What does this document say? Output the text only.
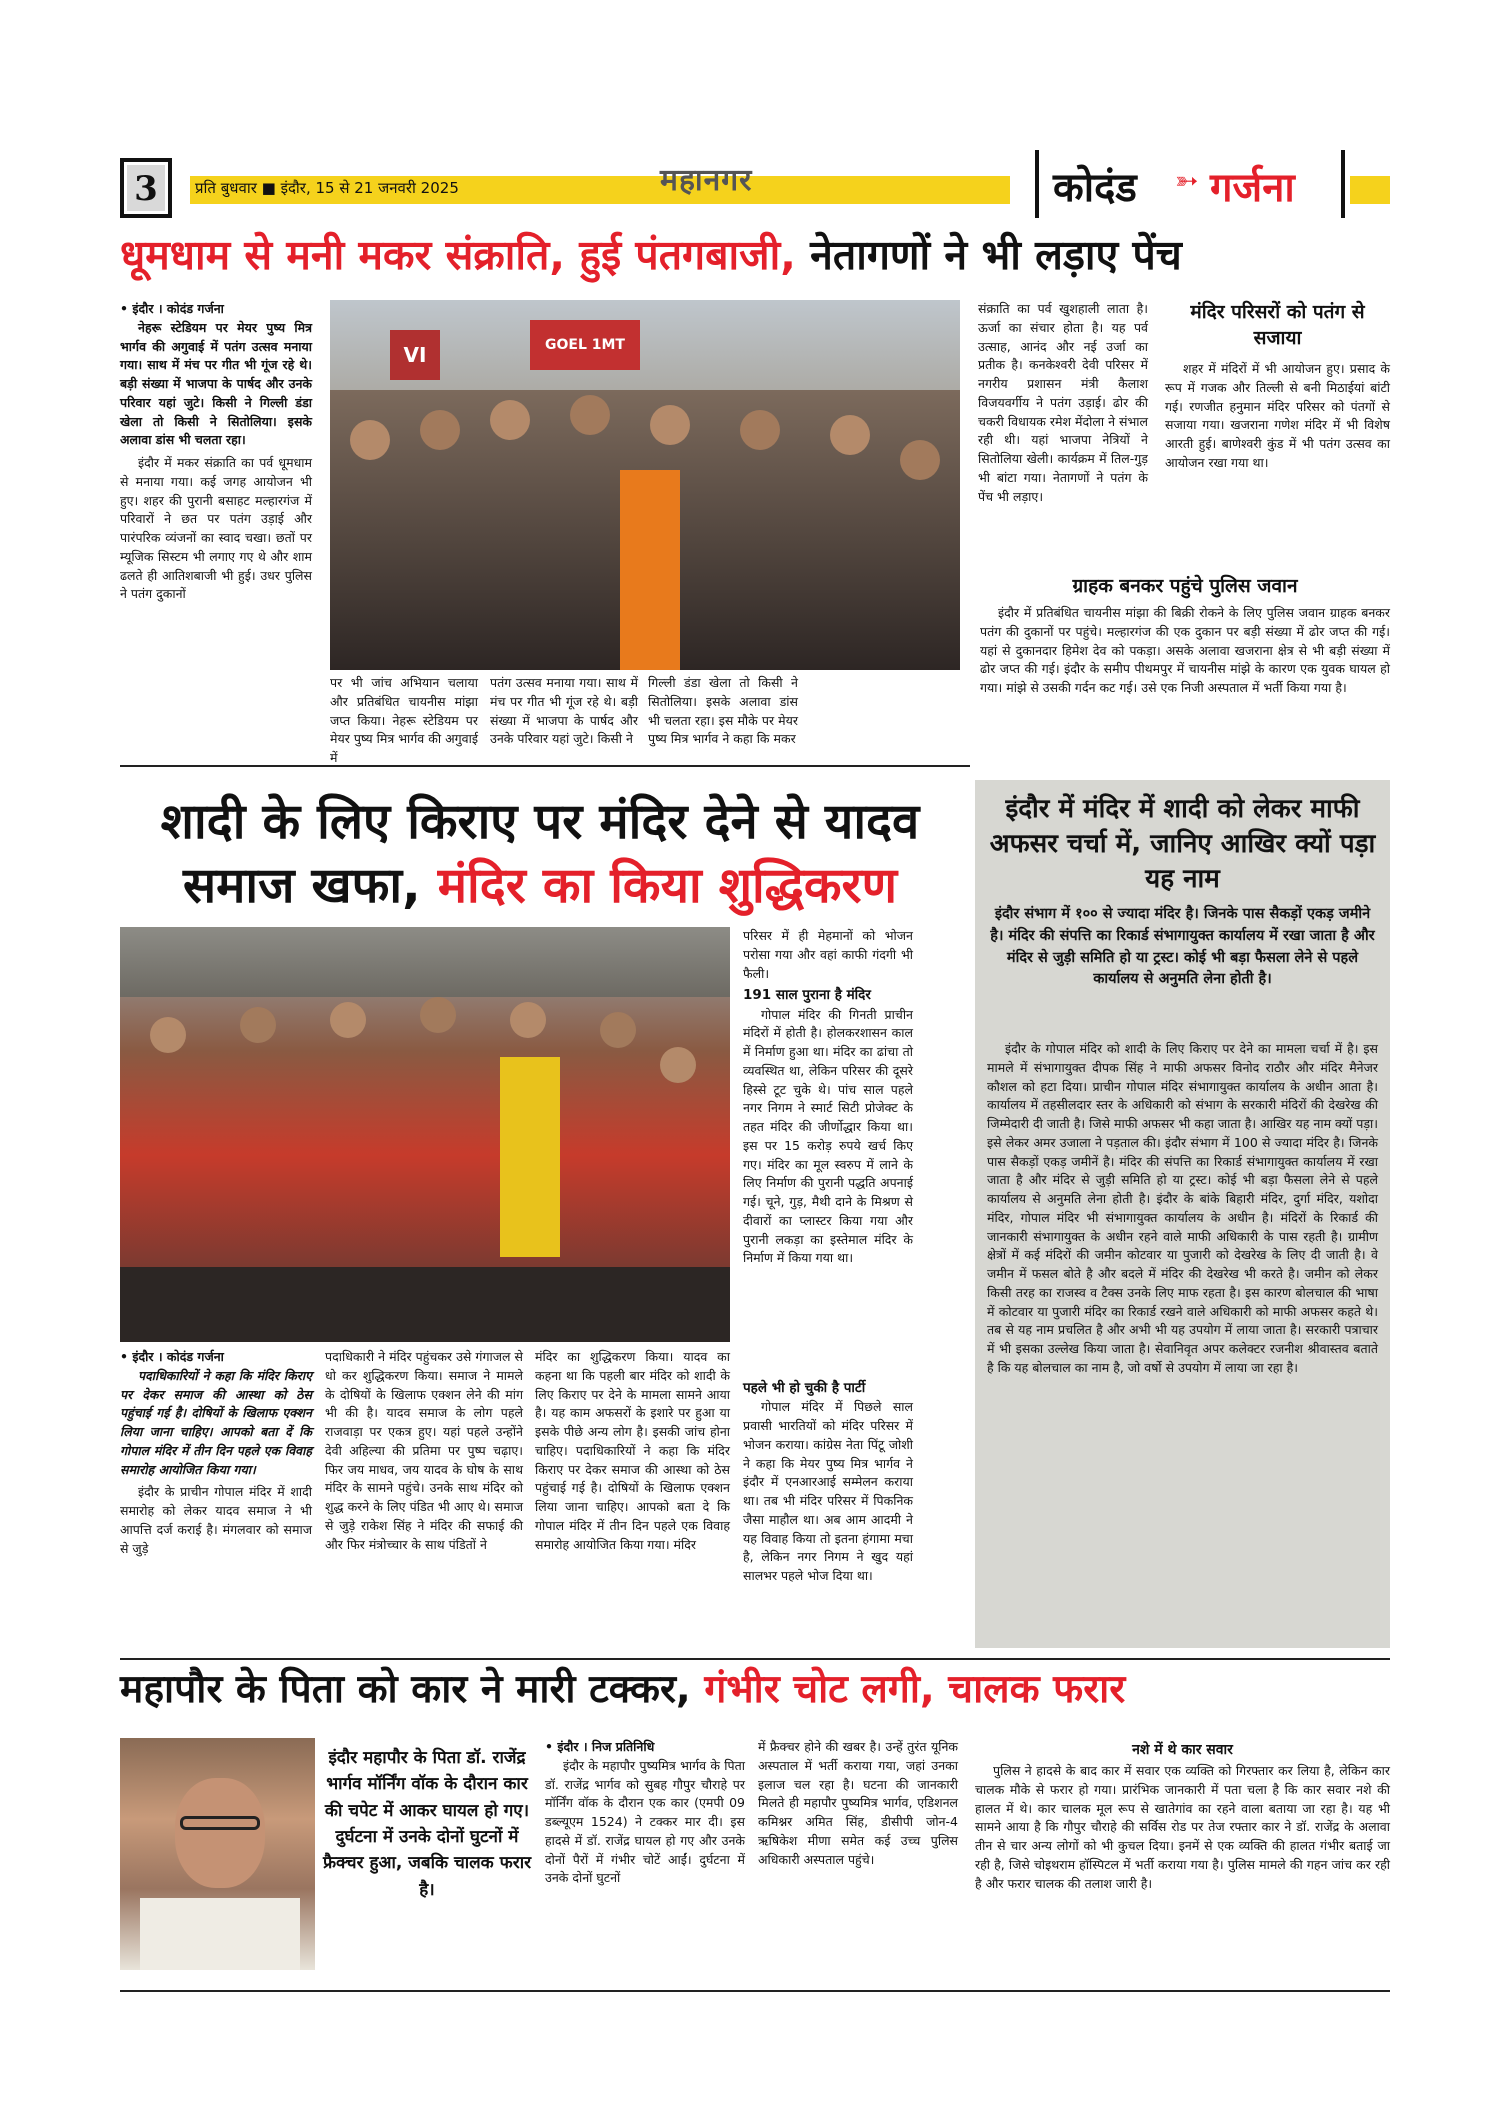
3	प्रति बुधवार ■ इंदौर, 15 से 21 जनवरी 2025	महानगर	कोदंड ➳ गर्जना
धूमधाम से मनी मकर संक्राति, हुई पंतगबाजी, नेतागणों ने भी लड़ाए पेंच
• इंदौर । कोदंड गर्जना
नेहरू स्टेडियम पर मेयर पुष्य मित्र भार्गव की अगुवाई में पतंग उत्सव मनाया गया। साथ में मंच पर गीत भी गूंज रहे थे। बड़ी संख्या में भाजपा के पार्षद और उनके परिवार यहां जुटे। किसी ने गिल्ली डंडा खेला तो किसी ने सितोलिया। इसके अलावा डांस भी चलता रहा।
इंदौर में मकर संक्राति का पर्व धूमधाम से मनाया गया। कई जगह आयोजन भी हुए। शहर की पुरानी बसाहट मल्हारगंज में परिवारों ने छत पर पतंग उड़ाई और पारंपरिक व्यंजनों का स्वाद चखा। छतों पर म्यूजिक सिस्टम भी लगाए गए थे और शाम ढलते ही आतिशबाजी भी हुई। उधर पुलिस ने पतंग दुकानों
VI	GOEL 1MT
पर भी जांच अभियान चलाया और प्रतिबंधित चायनीस मांझा जप्त किया। नेहरू स्टेडियम पर मेयर पुष्य मित्र भार्गव की अगुवाई में
पतंग उत्सव मनाया गया। साथ में मंच पर गीत भी गूंज रहे थे। बड़ी संख्या में भाजपा के पार्षद और उनके परिवार यहां जुटे। किसी ने
गिल्ली डंडा खेला तो किसी ने सितोलिया। इसके अलावा डांस भी चलता रहा। इस मौके पर मेयर पुष्य मित्र भार्गव ने कहा कि मकर
संक्राति का पर्व खुशहाली लाता है। ऊर्जा का संचार होता है। यह पर्व उत्साह, आनंद और नई उर्जा का प्रतीक है। कनकेश्वरी देवी परिसर में नगरीय प्रशासन मंत्री कैलाश विजयवर्गीय ने पतंग उड़ाई। ढोर की चकरी विधायक रमेश मेंदोला ने संभाल रही थी। यहां भाजपा नेत्रियों ने सितोलिया खेली। कार्यक्रम में तिल-गुड़ भी बांटा गया। नेतागणों ने पतंग के पेंच भी लड़ाए।
मंदिर परिसरों को पतंग से सजाया
शहर में मंदिरों में भी आयोजन हुए। प्रसाद के रूप में गजक और तिल्ली से बनी मिठाईयां बांटी गई। रणजीत हनुमान मंदिर परिसर को पंतगों से सजाया गया। खजराना गणेश मंदिर में भी विशेष आरती हुई। बाणेश्वरी कुंड में भी पतंग उत्सव का आयोजन रखा गया था।
ग्राहक बनकर पहुंचे पुलिस जवान
इंदौर में प्रतिबंधित चायनीस मांझा की बिक्री रोकने के लिए पुलिस जवान ग्राहक बनकर पतंग की दुकानों पर पहुंचे। मल्हारगंज की एक दुकान पर बड़ी संख्या में ढोर जप्त की गई। यहां से दुकानदार हिमेश देव को पकड़ा। असके अलावा खजराना क्षेत्र से भी बड़ी संख्या में ढोर जप्त की गई। इंदौर के समीप पीथमपुर में चायनीस मांझे के कारण एक युवक घायल हो गया। मांझे से उसकी गर्दन कट गई। उसे एक निजी अस्पताल में भर्ती किया गया है।
शादी के लिए किराए पर मंदिर देने से यादव
समाज खफा, मंदिर का किया शुद्धिकरण
परिसर में ही मेहमानों को भोजन परोसा गया और वहां काफी गंदगी भी फैली।
191 साल पुराना है मंदिर
गोपाल मंदिर की गिनती प्राचीन मंदिरों में होती है। होलकरशासन काल में निर्माण हुआ था। मंदिर का ढांचा तो व्यवस्थित था, लेकिन परिसर की दूसरे हिस्से टूट चुके थे। पांच साल पहले नगर निगम ने स्मार्ट सिटी प्रोजेक्ट के तहत मंदिर की जीर्णोद्धार किया था। इस पर 15 करोड़ रुपये खर्च किए गए। मंदिर का मूल स्वरुप में लाने के लिए निर्माण की पुरानी पद्धति अपनाई गई। चूने, गुड़, मैथी दाने के मिश्रण से दीवारों का प्लास्टर किया गया और पुरानी लकड़ा का इस्तेमाल मंदिर के निर्माण में किया गया था।
• इंदौर । कोदंड गर्जना
पदाधिकारियों ने कहा कि मंदिर किराए पर देकर समाज की आस्था को ठेस पहुंचाई गई है। दोषियों के खिलाफ एक्शन लिया जाना चाहिए। आपको बता दें कि गोपाल मंदिर में तीन दिन पहले एक विवाह समारोह आयोजित किया गया।
इंदौर के प्राचीन गोपाल मंदिर में शादी समारोह को लेकर यादव समाज ने भी आपत्ति दर्ज कराई है। मंगलवार को समाज से जुड़े
पदाधिकारी ने मंदिर पहुंचकर उसे गंगाजल से धो कर शुद्धिकरण किया। समाज ने मामले के दोषियों के खिलाफ एक्शन लेने की मांग भी की है। यादव समाज के लोग पहले राजवाड़ा पर एकत्र हुए। यहां पहले उन्होंने देवी अहिल्या की प्रतिमा पर पुष्प चढ़ाए। फिर जय माधव, जय यादव के घोष के साथ मंदिर के सामने पहुंचे। उनके साथ मंदिर को शुद्ध करने के लिए पंडित भी आए थे। समाज से जुड़े राकेश सिंह ने मंदिर की सफाई की और फिर मंत्रोच्चार के साथ पंडितों ने
मंदिर का शुद्धिकरण किया। यादव का कहना था कि पहली बार मंदिर को शादी के लिए किराए पर देने के मामला सामने आया है। यह काम अफसरों के इशारे पर हुआ या इसके पीछे अन्य लोग है। इसकी जांच होना चाहिए। पदाधिकारियों ने कहा कि मंदिर किराए पर देकर समाज की आस्था को ठेस पहुंचाई गई है। दोषियों के खिलाफ एक्शन लिया जाना चाहिए। आपको बता दे कि गोपाल मंदिर में तीन दिन पहले एक विवाह समारोह आयोजित किया गया। मंदिर
पहले भी हो चुकी है पार्टी
गोपाल मंदिर में पिछले साल प्रवासी भारतियों को मंदिर परिसर में भोजन कराया। कांग्रेस नेता पिंटू जोशी ने कहा कि मेयर पुष्य मित्र भार्गव ने इंदौर में एनआरआई सम्मेलन कराया था। तब भी मंदिर परिसर में पिकनिक जैसा माहौल था। अब आम आदमी ने यह विवाह किया तो इतना हंगामा मचा है, लेकिन नगर निगम ने खुद यहां सालभर पहले भोज दिया था।
इंदौर में मंदिर में शादी को लेकर माफी अफसर चर्चा में, जानिए आखिर क्यों पड़ा यह नाम
इंदौर संभाग में १०० से ज्यादा मंदिर है। जिनके पास सैकड़ों एकड़ जमीने है। मंदिर की संपत्ति का रिकार्ड संभागायुक्त कार्यालय में रखा जाता है और मंदिर से जुड़ी समिति हो या ट्रस्ट। कोई भी बड़ा फैसला लेने से पहले कार्यालय से अनुमति लेना होती है।
इंदौर के गोपाल मंदिर को शादी के लिए किराए पर देने का मामला चर्चा में है। इस मामले में संभागायुक्त दीपक सिंह ने माफी अफसर विनोद राठौर और मंदिर मैनेजर कौशल को हटा दिया। प्राचीन गोपाल मंदिर संभागायुक्त कार्यालय के अधीन आता है। कार्यालय में तहसीलदार स्तर के अधिकारी को संभाग के सरकारी मंदिरों की देखरेख की जिम्मेदारी दी जाती है। जिसे माफी अफसर भी कहा जाता है। आखिर यह नाम क्यों पड़ा। इसे लेकर अमर उजाला ने पड़ताल की। इंदौर संभाग में 100 से ज्यादा मंदिर है। जिनके पास सैकड़ों एकड़ जमीनें है। मंदिर की संपत्ति का रिकार्ड संभागायुक्त कार्यालय में रखा जाता है और मंदिर से जुड़ी समिति हो या ट्रस्ट। कोई भी बड़ा फैसला लेने से पहले कार्यालय से अनुमति लेना होती है। इंदौर के बांके बिहारी मंदिर, दुर्गा मंदिर, यशोदा मंदिर, गोपाल मंदिर भी संभागायुक्त कार्यालय के अधीन है। मंदिरों के रिकार्ड की जानकारी संभागायुक्त के अधीन रहने वाले माफी अधिकारी के पास रहती है। ग्रामीण क्षेत्रों में कई मंदिरों की जमीन कोटवार या पुजारी को देखरेख के लिए दी जाती है। वे जमीन में फसल बोते है और बदले में मंदिर की देखरेख भी करते है। जमीन को लेकर किसी तरह का राजस्व व टैक्स उनके लिए माफ रहता है। इस कारण बोलचाल की भाषा में कोटवार या पुजारी मंदिर का रिकार्ड रखने वाले अधिकारी को माफी अफसर कहते थे। तब से यह नाम प्रचलित है और अभी भी यह उपयोग में लाया जाता है। सरकारी पत्राचार में भी इसका उल्लेख किया जाता है। सेवानिवृत अपर कलेक्टर रजनीश श्रीवास्तव बताते है कि यह बोलचाल का नाम है, जो वर्षो से उपयोग में लाया जा रहा है।
महापौर के पिता को कार ने मारी टक्कर, गंभीर चोट लगी, चालक फरार
इंदौर महापौर के पिता डॉ. राजेंद्र भार्गव मॉर्निंग वॉक के दौरान कार की चपेट में आकर घायल हो गए। दुर्घटना में उनके दोनों घुटनों में फ्रैक्चर हुआ, जबकि चालक फरार है।
• इंदौर । निज प्रतिनिधि
इंदौर के महापौर पुष्यमित्र भार्गव के पिता डॉ. राजेंद्र भार्गव को सुबह गौपुर चौराहे पर मॉर्निंग वॉक के दौरान एक कार (एमपी 09 डब्ल्यूएम 1524) ने टक्कर मार दी। इस हादसे में डॉ. राजेंद्र घायल हो गए और उनके दोनों पैरों में गंभीर चोटें आईं। दुर्घटना में उनके दोनों घुटनों
में फ्रैक्चर होने की खबर है। उन्हें तुरंत यूनिक अस्पताल में भर्ती कराया गया, जहां उनका इलाज चल रहा है। घटना की जानकारी मिलते ही महापौर पुष्यमित्र भार्गव, एडिशनल कमिश्नर अमित सिंह, डीसीपी जोन-4 ऋषिकेश मीणा समेत कई उच्च पुलिस अधिकारी अस्पताल पहुंचे।
नशे में थे कार सवार
पुलिस ने हादसे के बाद कार में सवार एक व्यक्ति को गिरफ्तार कर लिया है, लेकिन कार चालक मौके से फरार हो गया। प्रारंभिक जानकारी में पता चला है कि कार सवार नशे की हालत में थे। कार चालक मूल रूप से खातेगांव का रहने वाला बताया जा रहा है। यह भी सामने आया है कि गौपुर चौराहे की सर्विस रोड पर तेज रफ्तार कार ने डॉ. राजेंद्र के अलावा तीन से चार अन्य लोगों को भी कुचल दिया। इनमें से एक व्यक्ति की हालत गंभीर बताई जा रही है, जिसे चोइथराम हॉस्पिटल में भर्ती कराया गया है। पुलिस मामले की गहन जांच कर रही है और फरार चालक की तलाश जारी है।
